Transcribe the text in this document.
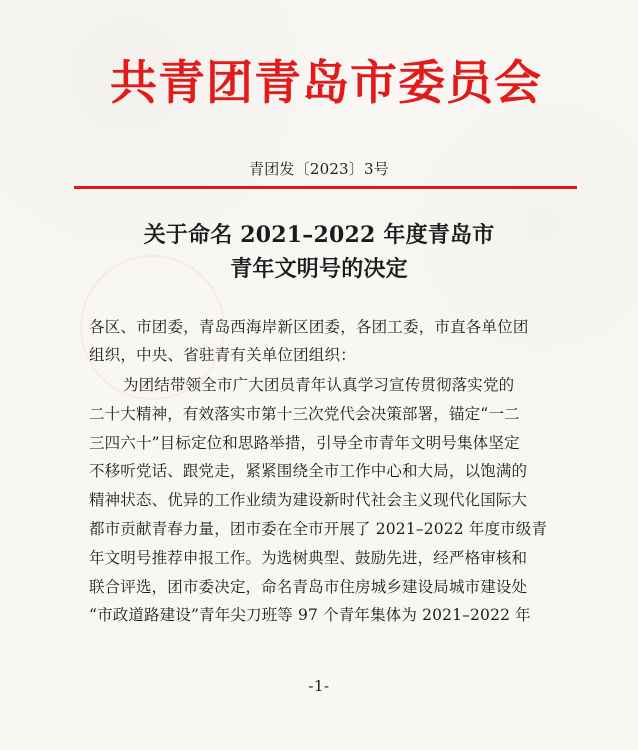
共青团青岛市委员会
青团发〔2023〕3号
关于命名 2021–2022 年度青岛市
青年文明号的决定
各区、市团委，青岛西海岸新区团委，各团工委，市直各单位团
组织，中央、省驻青有关单位团组织：
为团结带领全市广大团员青年认真学习宣传贯彻落实党的
二十大精神，有效落实市第十三次党代会决策部署，锚定“一二
三四六十”目标定位和思路举措，引导全市青年文明号集体坚定
不移听党话、跟党走，紧紧围绕全市工作中心和大局，以饱满的
精神状态、优异的工作业绩为建设新时代社会主义现代化国际大
都市贡献青春力量，团市委在全市开展了 2021–2022 年度市级青
年文明号推荐申报工作。为选树典型、鼓励先进，经严格审核和
联合评选，团市委决定，命名青岛市住房城乡建设局城市建设处
“市政道路建设”青年尖刀班等 97 个青年集体为 2021–2022 年
-1-
